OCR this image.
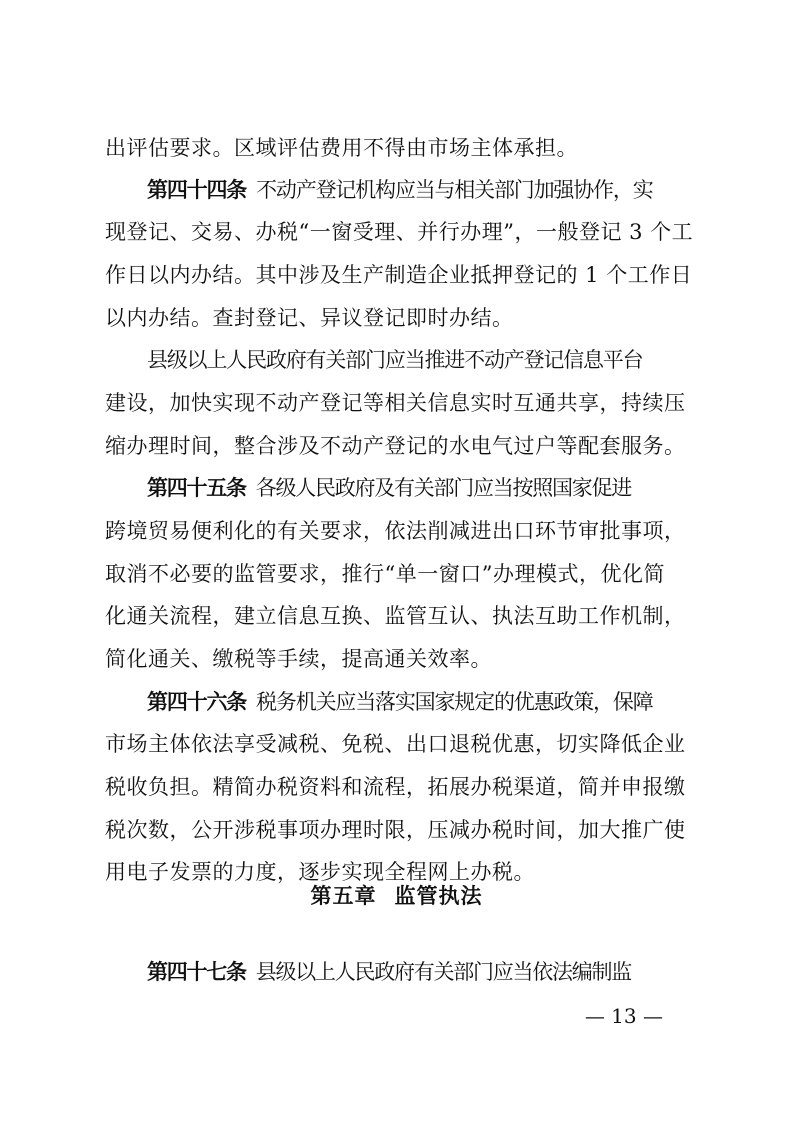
出评估要求。区域评估费用不得由市场主体承担。
第四十四条 不动产登记机构应当与相关部门加强协作，实
现登记、交易、办税“一窗受理、并行办理”，一般登记 3 个工
作日以内办结。其中涉及生产制造企业抵押登记的 1 个工作日
以内办结。查封登记、异议登记即时办结。
县级以上人民政府有关部门应当推进不动产登记信息平台
建设，加快实现不动产登记等相关信息实时互通共享，持续压
缩办理时间，整合涉及不动产登记的水电气过户等配套服务。
第四十五条 各级人民政府及有关部门应当按照国家促进
跨境贸易便利化的有关要求，依法削减进出口环节审批事项，
取消不必要的监管要求，推行“单一窗口”办理模式，优化简
化通关流程，建立信息互换、监管互认、执法互助工作机制，
简化通关、缴税等手续，提高通关效率。
第四十六条 税务机关应当落实国家规定的优惠政策，保障
市场主体依法享受减税、免税、出口退税优惠，切实降低企业
税收负担。精简办税资料和流程，拓展办税渠道，简并申报缴
税次数，公开涉税事项办理时限，压减办税时间，加大推广使
用电子发票的力度，逐步实现全程网上办税。
第五章 监管执法
第四十七条 县级以上人民政府有关部门应当依法编制监
— 13 —
